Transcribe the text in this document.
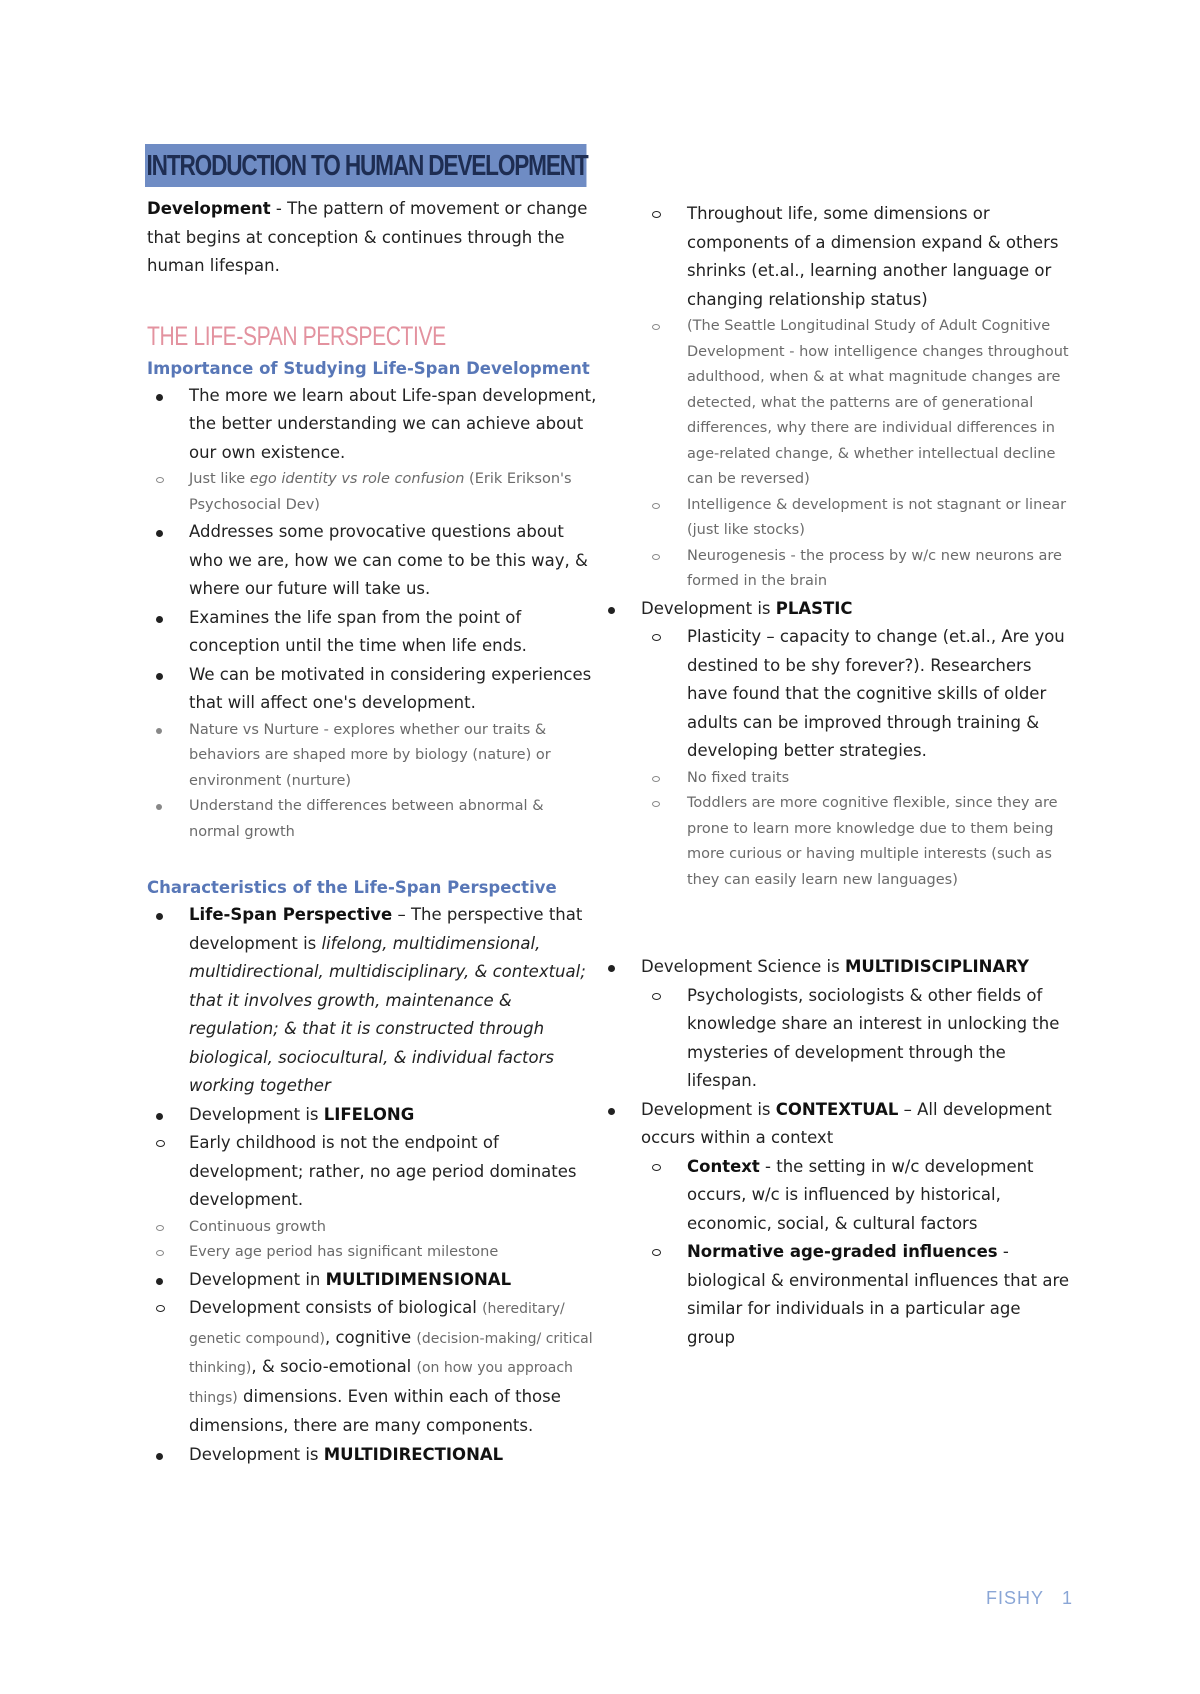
INTRODUCTION TO HUMAN DEVELOPMENT

Development - The pattern of movement or change that begins at conception & continues through the human lifespan.

THE LIFE-SPAN PERSPECTIVE
Importance of Studying Life-Span Development
The more we learn about Life-span development, the better understanding we can achieve about our own existence.
Just like ego identity vs role confusion (Erik Erikson's Psychosocial Dev)
Addresses some provocative questions about who we are, how we can come to be this way, & where our future will take us.
Examines the life span from the point of conception until the time when life ends.
We can be motivated in considering experiences that will affect one's development.
Nature vs Nurture - explores whether our traits & behaviors are shaped more by biology (nature) or environment (nurture)
Understand the differences between abnormal & normal growth
Characteristics of the Life-Span Perspective
Life-Span Perspective – The perspective that development is lifelong, multidimensional, multidirectional, multidisciplinary, & contextual; that it involves growth, maintenance & regulation; & that it is constructed through biological, sociocultural, & individual factors working together
Development is LIFELONG
Early childhood is not the endpoint of development; rather, no age period dominates development.
Continuous growth
Every age period has significant milestone
Development in MULTIDIMENSIONAL
Development consists of biological (hereditary/ genetic compound), cognitive (decision-making/ critical thinking), & socio-emotional (on how you approach things) dimensions. Even within each of those dimensions, there are many components.
Development is MULTIDIRECTIONAL
Throughout life, some dimensions or components of a dimension expand & others shrinks (et.al., learning another language or changing relationship status)
(The Seattle Longitudinal Study of Adult Cognitive Development - how intelligence changes throughout adulthood, when & at what magnitude changes are detected, what the patterns are of generational differences, why there are individual differences in age-related change, & whether intellectual decline can be reversed)
Intelligence & development is not stagnant or linear (just like stocks)
Neurogenesis - the process by w/c new neurons are formed in the brain
Development is PLASTIC
Plasticity – capacity to change (et.al., Are you destined to be shy forever?). Researchers have found that the cognitive skills of older adults can be improved through training & developing better strategies.
No fixed traits
Toddlers are more cognitive flexible, since they are prone to learn more knowledge due to them being more curious or having multiple interests (such as they can easily learn new languages)
Development Science is MULTIDISCIPLINARY
Psychologists, sociologists & other fields of knowledge share an interest in unlocking the mysteries of development through the lifespan.
Development is CONTEXTUAL – All development occurs within a context
Context - the setting in w/c development occurs, w/c is influenced by historical, economic, social, & cultural factors
Normative age-graded influences - biological & environmental influences that are similar for individuals in a particular age group
FISHY 1
